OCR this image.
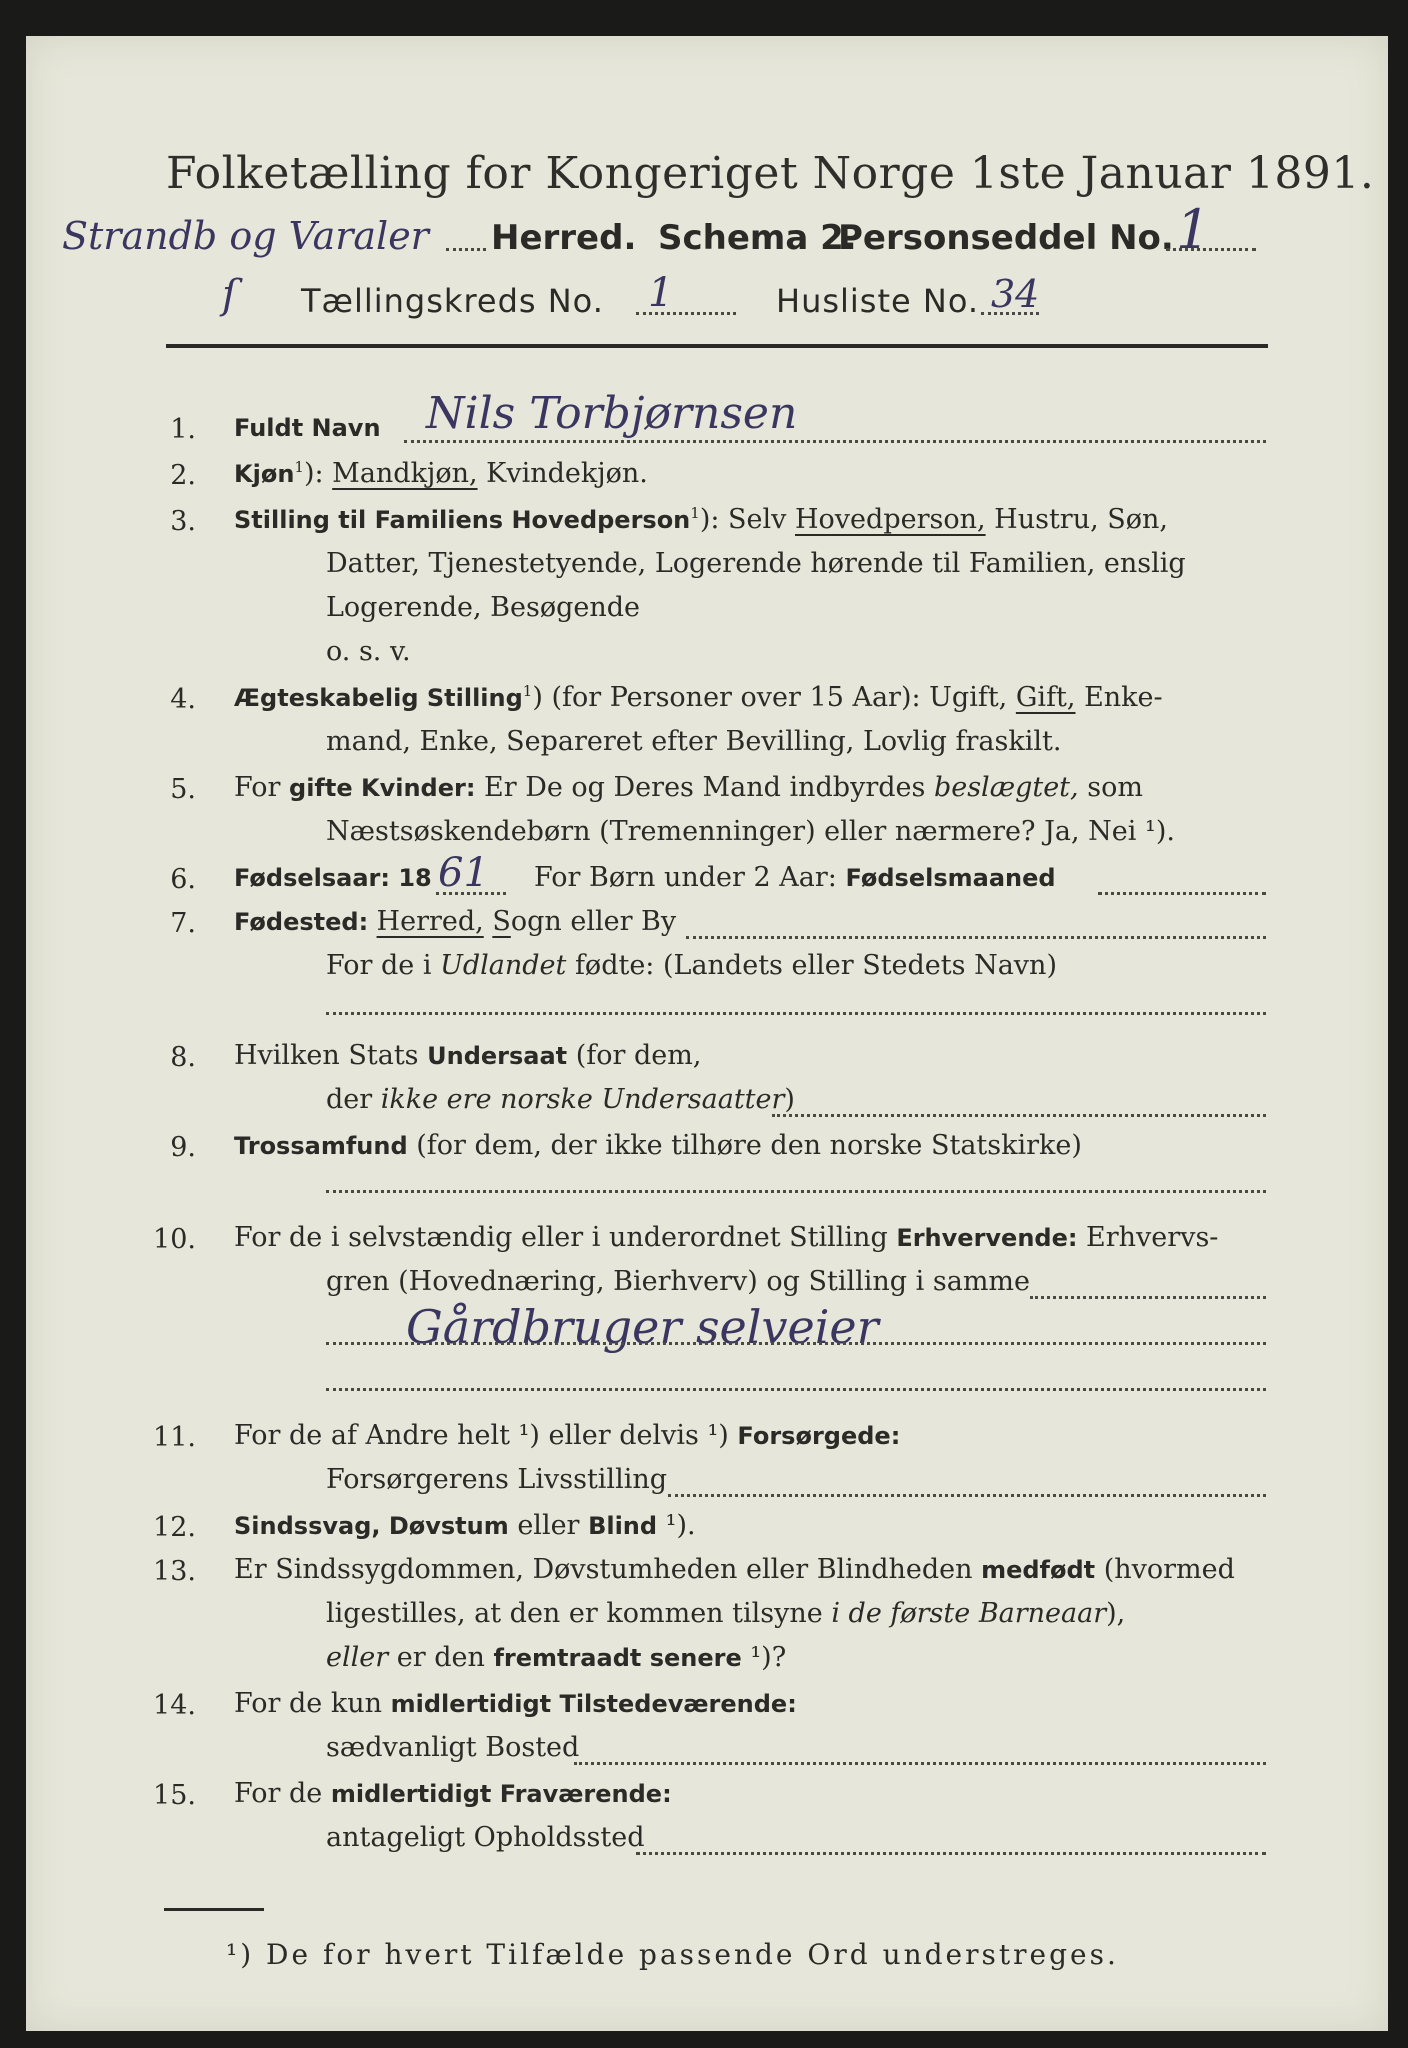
Folketælling for Kongeriget Norge 1ste Januar 1891.
Strandb og Varaler Herred. Schema 2.
Personseddel No. 1
ſ Tællingskreds No. 1	Husliste No. 34
1. Fuldt Navn Nils Torbjørnsen
2. Kjøn$^1$): Mandkjøn, Kvindekjøn.
3. Stilling til Familiens Hovedperson$^1$): Selv Hovedperson, Hustru, Søn,
Datter, Tjenestetyende, Logerende hørende til Familien, enslig
Logerende, Besøgende
o. s. v.
4. Ægteskabelig Stilling$^1$) (for Personer over 15 Aar): Ugift, Gift, Enke-
mand, Enke, Separeret efter Bevilling, Lovlig fraskilt.
5. For gifte Kvinder: Er De og Deres Mand indbyrdes beslægtet, som
Næstsøskendebørn (Tremenninger) eller nærmere? Ja, Nei ¹).
6. Fødselsaar: 18 61 For Børn under 2 Aar: Fødselsmaaned
7. Fødested: Herred, Sogn eller By
For de i Udlandet fødte: (Landets eller Stedets Navn)
8. Hvilken Stats Undersaat (for dem,
der ikke ere norske Undersaatter)
9. Trossamfund (for dem, der ikke tilhøre den norske Statskirke)
10. For de i selvstændig eller i underordnet Stilling Erhvervende: Erhvervs-
gren (Hovednæring, Bierhverv) og Stilling i samme
Gårdbruger selveier
11. For de af Andre helt ¹) eller delvis ¹) Forsørgede:
Forsørgerens Livsstilling
12. Sindssvag, Døvstum eller Blind ¹).
13. Er Sindssygdommen, Døvstumheden eller Blindheden medfødt (hvormed
ligestilles, at den er kommen tilsyne i de første Barneaar),
eller er den fremtraadt senere ¹)?
14. For de kun midlertidigt Tilstedeværende:
sædvanligt Bosted
15. For de midlertidigt Fraværende:
antageligt Opholdssted
¹) De for hvert Tilfælde passende Ord understreges.
